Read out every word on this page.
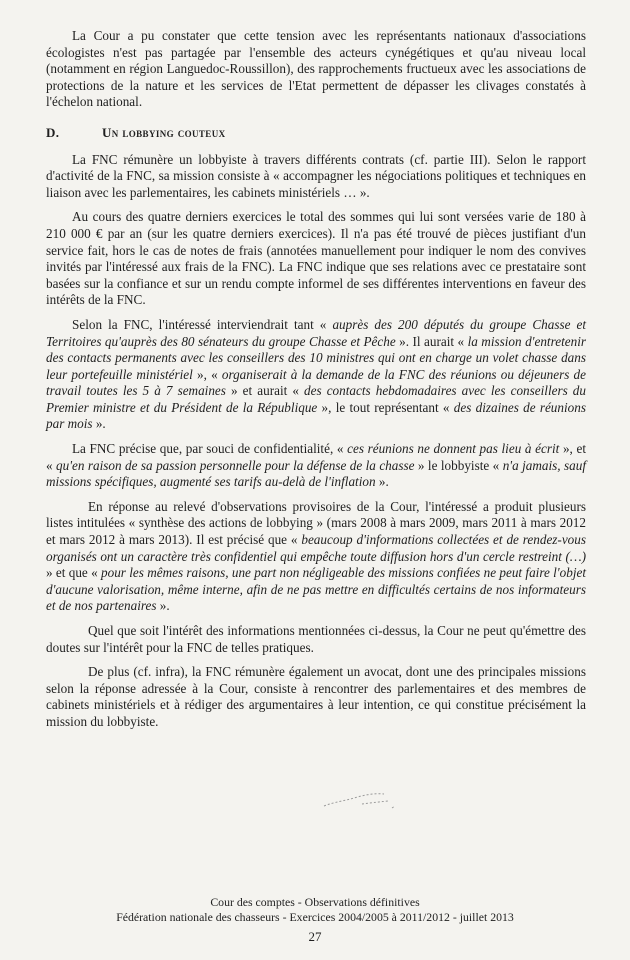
La Cour a pu constater que cette tension avec les représentants nationaux d'associations écologistes n'est pas partagée par l'ensemble des acteurs cynégétiques et qu'au niveau local (notamment en région Languedoc-Roussillon), des rapprochements fructueux avec les associations de protections de la nature et les services de l'Etat permettent de dépasser les clivages constatés à l'échelon national.

D.	Un lobbying couteux

La FNC rémunère un lobbyiste à travers différents contrats (cf. partie III). Selon le rapport d'activité de la FNC, sa mission consiste à « accompagner les négociations politiques et techniques en liaison avec les parlementaires, les cabinets ministériels … ».

Au cours des quatre derniers exercices le total des sommes qui lui sont versées varie de 180 à 210 000 € par an (sur les quatre derniers exercices). Il n'a pas été trouvé de pièces justifiant d'un service fait, hors le cas de notes de frais (annotées manuellement pour indiquer le nom des convives invités par l'intéressé aux frais de la FNC). La FNC indique que ses relations avec ce prestataire sont basées sur la confiance et sur un rendu compte informel de ses différentes interventions en faveur des intérêts de la FNC.

Selon la FNC, l'intéressé interviendrait tant « auprès des 200 députés du groupe Chasse et Territoires qu'auprès des 80 sénateurs du groupe Chasse et Pêche ». Il aurait « la mission d'entretenir des contacts permanents avec les conseillers des 10 ministres qui ont en charge un volet chasse dans leur portefeuille ministériel », « organiserait à la demande de la FNC des réunions ou déjeuners de travail toutes les 5 à 7 semaines » et aurait « des contacts hebdomadaires avec les conseillers du Premier ministre et du Président de la République », le tout représentant « des dizaines de réunions par mois ».

La FNC précise que, par souci de confidentialité, « ces réunions ne donnent pas lieu à écrit », et « qu'en raison de sa passion personnelle pour la défense de la chasse » le lobbyiste « n'a jamais, sauf missions spécifiques, augmenté ses tarifs au-delà de l'inflation ».

En réponse au relevé d'observations provisoires de la Cour, l'intéressé a produit plusieurs listes intitulées « synthèse des actions de lobbying » (mars 2008 à mars 2009, mars 2011 à mars 2012 et mars 2012 à mars 2013). Il est précisé que « beaucoup d'informations collectées et de rendez-vous organisés ont un caractère très confidentiel qui empêche toute diffusion hors d'un cercle restreint (…) » et que « pour les mêmes raisons, une part non négligeable des missions confiées ne peut faire l'objet d'aucune valorisation, même interne, afin de ne pas mettre en difficultés certains de nos informateurs et de nos partenaires ».

Quel que soit l'intérêt des informations mentionnées ci-dessus, la Cour ne peut qu'émettre des doutes sur l'intérêt pour la FNC de telles pratiques.

De plus (cf. infra), la FNC rémunère également un avocat, dont une des principales missions selon la réponse adressée à la Cour, consiste à rencontrer des parlementaires et des membres de cabinets ministériels et à rédiger des argumentaires à leur intention, ce qui constitue précisément la mission du lobbyiste.

Cour des comptes - Observations définitives
Fédération nationale des chasseurs - Exercices 2004/2005 à 2011/2012 - juillet 2013
27
